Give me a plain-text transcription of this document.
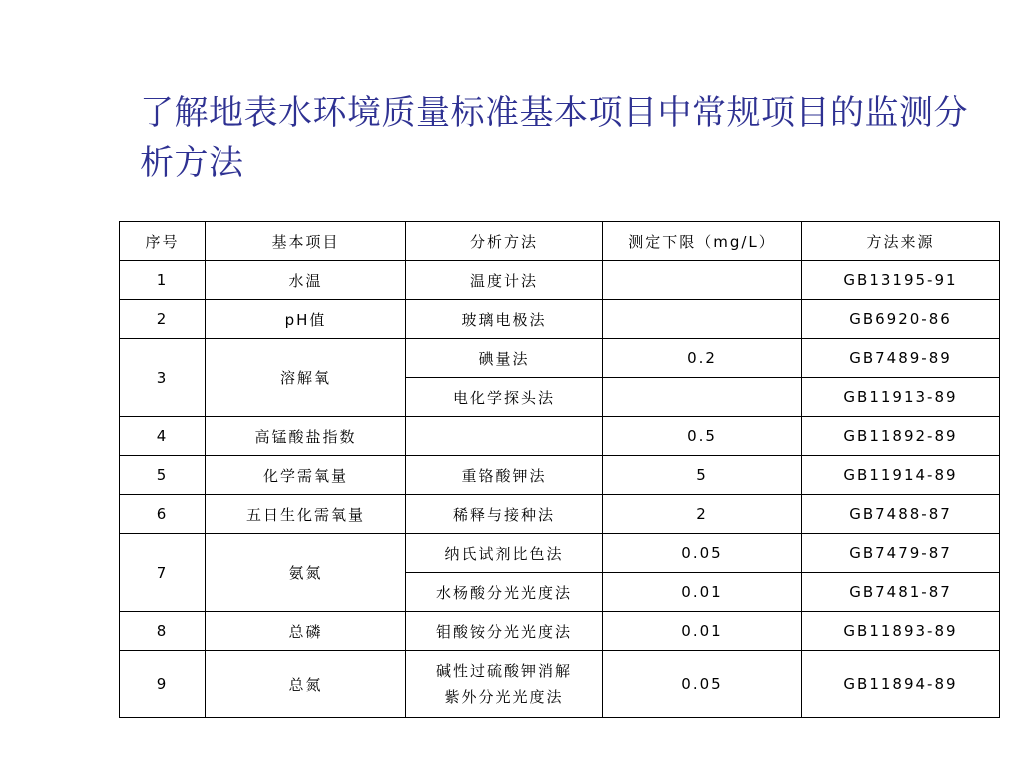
了解地表水环境质量标准基本项目中常规项目的监测分析方法
序号	基本项目	分析方法	测定下限（mg/L）	方法来源
1	水温	温度计法		GB13195-91
2	pH值	玻璃电极法		GB6920-86
3	溶解氧	碘量法	0.2	GB7489-89
		电化学探头法		GB11913-89
4	高锰酸盐指数		0.5	GB11892-89
5	化学需氧量	重铬酸钾法	5	GB11914-89
6	五日生化需氧量	稀释与接种法	2	GB7488-87
7	氨氮	纳氏试剂比色法	0.05	GB7479-87
		水杨酸分光光度法	0.01	GB7481-87
8	总磷	钼酸铵分光光度法	0.01	GB11893-89
9	总氮	碱性过硫酸钾消解
紫外分光光度法	0.05	GB11894-89
